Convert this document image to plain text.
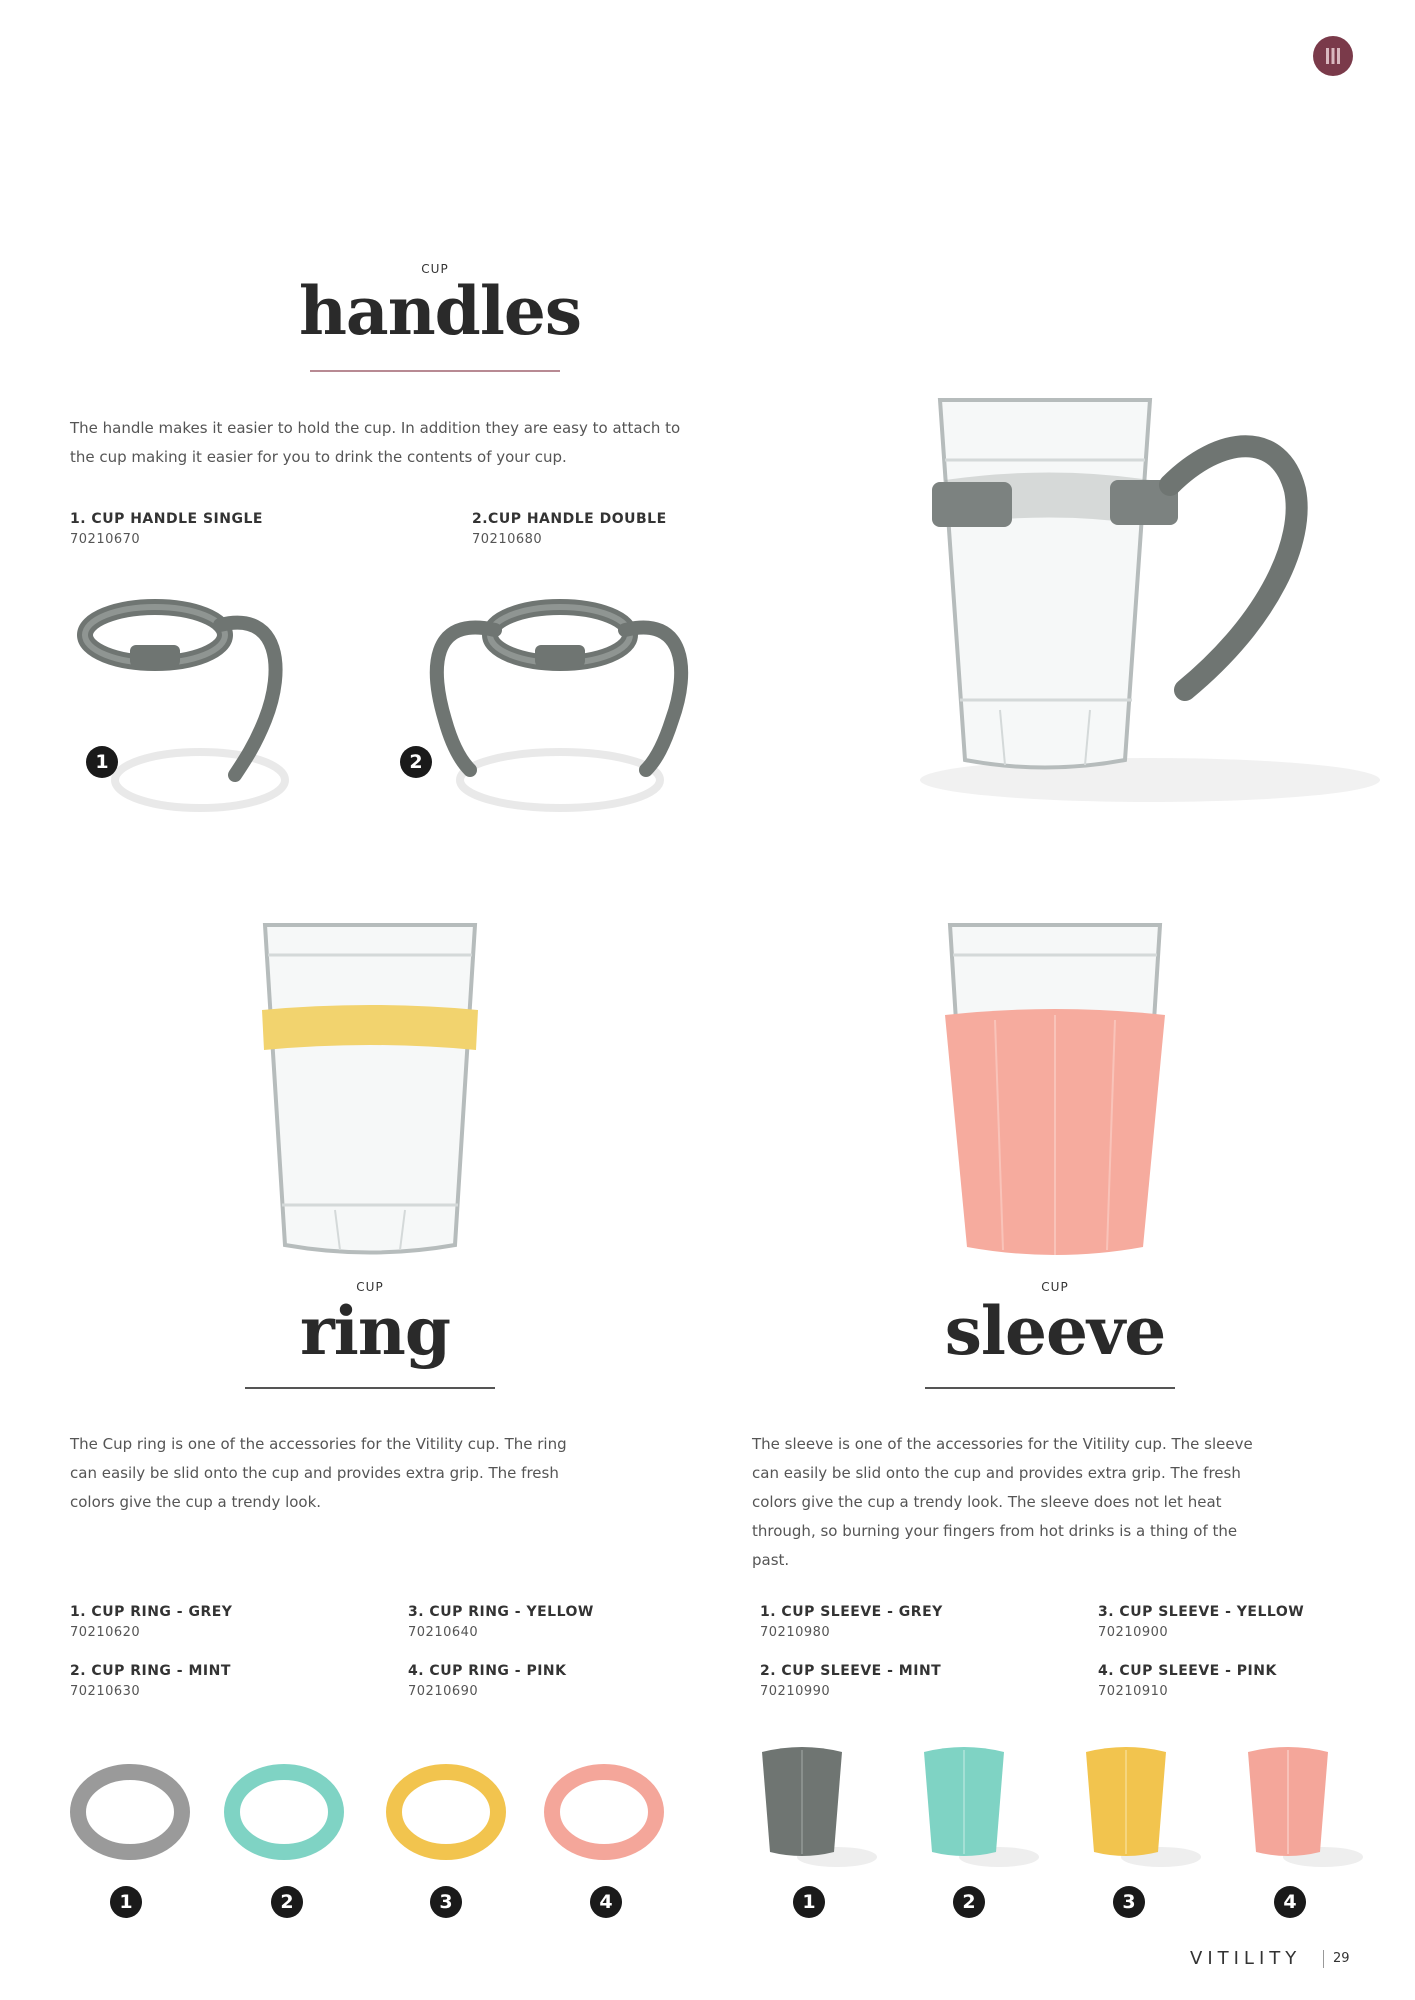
CUP
handles
The handle makes it easier to hold the cup. In addition they are easy to attach to
the cup making it easier for you to drink the contents of your cup.
1. CUP HANDLE SINGLE
70210670
2.CUP HANDLE DOUBLE
70210680
1	2
CUP
ring
The Cup ring is one of the accessories for the Vitility cup. The ring
can easily be slid onto the cup and provides extra grip. The fresh
colors give the cup a trendy look.
1. CUP RING - GREY
70210620
3. CUP RING - YELLOW
70210640
2. CUP RING - MINT
70210630
4. CUP RING - PINK
70210690
1	2	3	4
CUP
sleeve
The sleeve is one of the accessories for the Vitility cup. The sleeve
can easily be slid onto the cup and provides extra grip. The fresh
colors give the cup a trendy look. The sleeve does not let heat
through, so burning your fingers from hot drinks is a thing of the
past.
1. CUP SLEEVE - GREY
70210980
3. CUP SLEEVE - YELLOW
70210900
2. CUP SLEEVE - MINT
70210990
4. CUP SLEEVE - PINK
70210910
1	2	3	4
VITILITY 29
